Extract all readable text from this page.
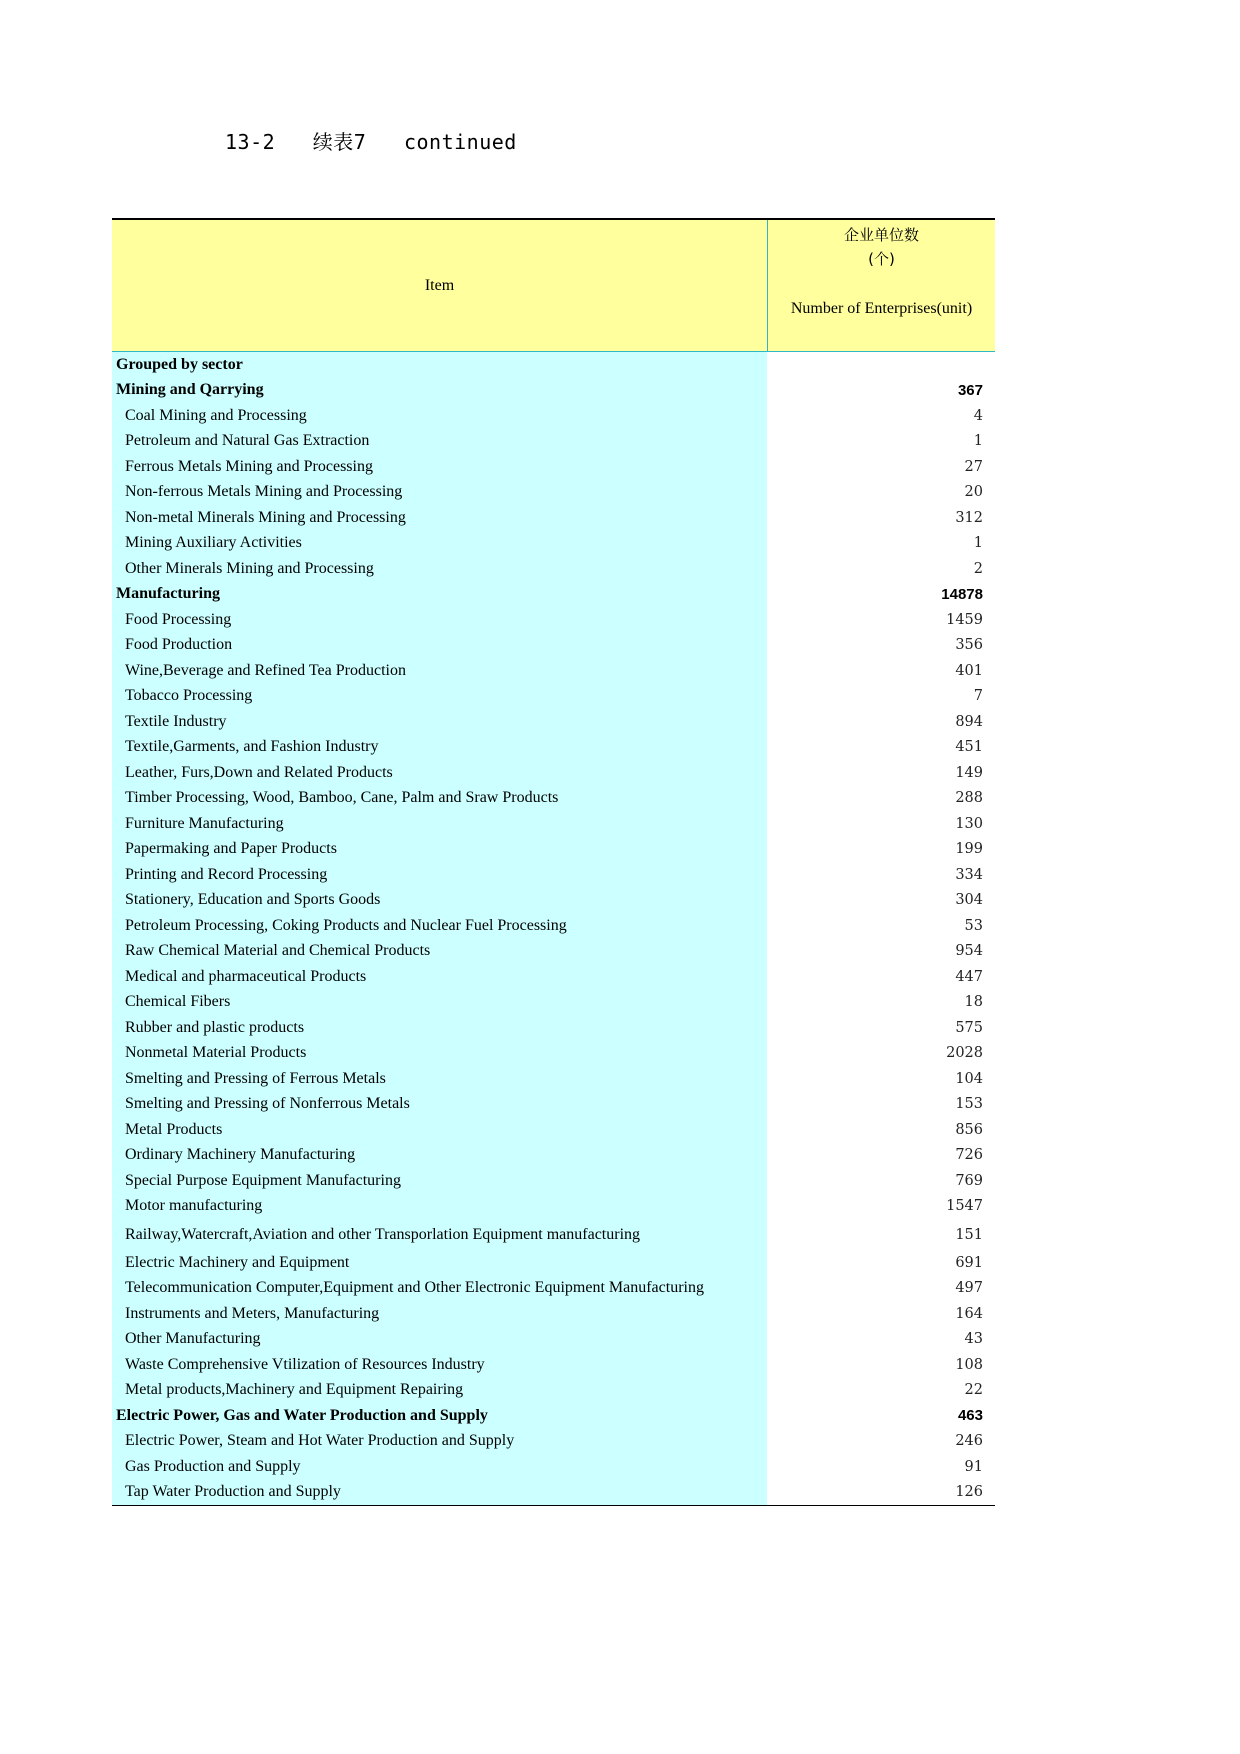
13-2   续表7   continued
Item
企业单位数
(个)
Number of Enterprises(unit)
Grouped by sector
Mining and Qarrying	367
Coal Mining and Processing	4
Petroleum and Natural Gas Extraction	1
Ferrous Metals Mining and Processing	27
Non-ferrous Metals Mining and Processing	20
Non-metal Minerals Mining and Processing	312
Mining Auxiliary Activities	1
Other Minerals Mining and Processing	2
Manufacturing	14878
Food Processing	1459
Food Production	356
Wine,Beverage and Refined Tea Production	401
Tobacco Processing	7
Textile Industry	894
Textile,Garments, and Fashion Industry	451
Leather, Furs,Down and Related Products	149
Timber Processing, Wood, Bamboo, Cane, Palm and Sraw Products	288
Furniture Manufacturing	130
Papermaking and Paper Products	199
Printing and Record Processing	334
Stationery, Education and Sports Goods	304
Petroleum Processing, Coking Products and Nuclear Fuel Processing	53
Raw Chemical Material and Chemical Products	954
Medical and pharmaceutical Products	447
Chemical Fibers	18
Rubber and plastic products	575
Nonmetal Material Products	2028
Smelting and Pressing of Ferrous Metals	104
Smelting and Pressing of Nonferrous Metals	153
Metal Products	856
Ordinary Machinery Manufacturing	726
Special Purpose Equipment Manufacturing	769
Motor manufacturing	1547
Railway,Watercraft,Aviation and other Transporlation Equipment manufacturing	151
Electric Machinery and Equipment	691
Telecommunication Computer,Equipment and Other Electronic Equipment Manufacturing	497
Instruments and Meters, Manufacturing	164
Other Manufacturing	43
Waste Comprehensive Vtilization of Resources Industry	108
Metal products,Machinery and Equipment Repairing	22
Electric Power, Gas and Water Production and Supply	463
Electric Power, Steam and Hot Water Production and Supply	246
Gas Production and Supply	91
Tap Water Production and Supply	126
